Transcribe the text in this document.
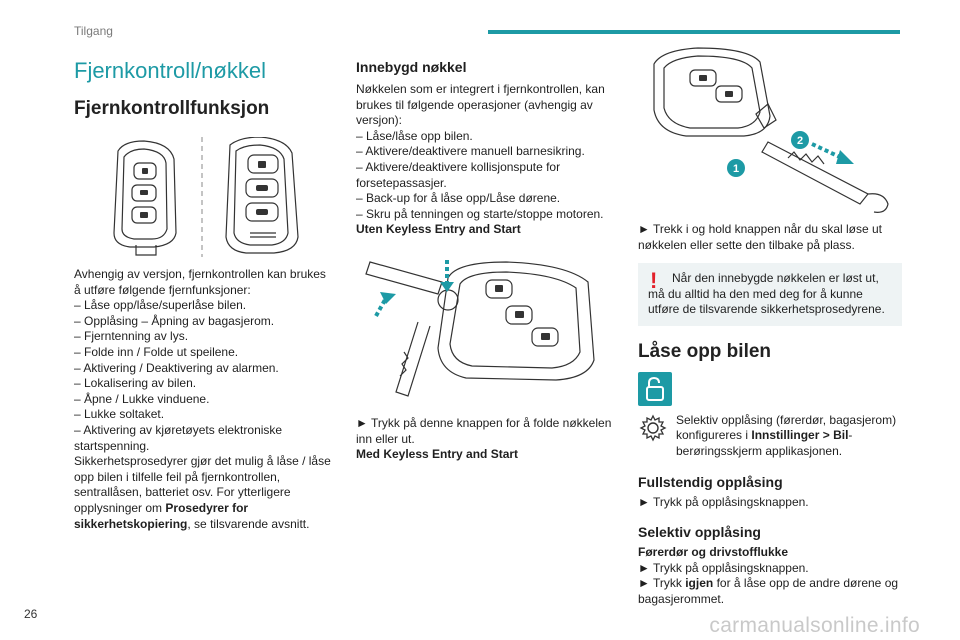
Tilgang
Fjernkontroll/nøkkel
Fjernkontrollfunksjon

Avhengig av versjon, fjernkontrollen kan brukes å utføre følgende fjernfunksjoner:

– Låse opp/låse/superlåse bilen.

– Opplåsing – Åpning av bagasjerom.

– Fjerntenning av lys.

– Folde inn / Folde ut speilene.

– Aktivering / Deaktivering av alarmen.

– Lokalisering av bilen.

– Åpne / Lukke vinduene.

– Lukke soltaket.

– Aktivering av kjøretøyets elektroniske startspenning.

Sikkerhetsprosedyrer gjør det mulig å låse / låse opp bilen i tilfelle feil på fjernkontrollen, sentrallåsen, batteriet osv. For ytterligere opplysninger om Prosedyrer for sikkerhetskopiering, se tilsvarende avsnitt.

Innebygd nøkkel

Nøkkelen som er integrert i fjernkontrollen, kan brukes til følgende operasjoner (avhengig av versjon):

– Låse/låse opp bilen.

– Aktivere/deaktivere manuell barnesikring.

– Aktivere/deaktivere kollisjonspute for forsetepassasjer.

– Back-up for å låse opp/Låse dørene.

– Skru på tenningen og starte/stoppe motoren.

Uten Keyless Entry and Start

► Trykk på denne knappen for å folde nøkkelen inn eller ut.

Med Keyless Entry and Start

2
1

► Trekk i og hold knappen når du skal løse ut nøkkelen eller sette den tilbake på plass.

!	Når den innebygde nøkkelen er løst ut, må du alltid ha den med deg for å kunne utføre de tilsvarende sikkerhetsprosedyrene.

Låse opp bilen

Selektiv opplåsing (førerdør, bagasjerom) konfigureres i Innstillinger > Bil-berøringsskjerm applikasjonen.

Fullstendig opplåsing

► Trykk på opplåsingsknappen.

Selektiv opplåsing

Førerdør og drivstofflukke

► Trykk på opplåsingsknappen.

► Trykk igjen for å låse opp de andre dørene og bagasjerommet.

26	carmanualsonline.info
